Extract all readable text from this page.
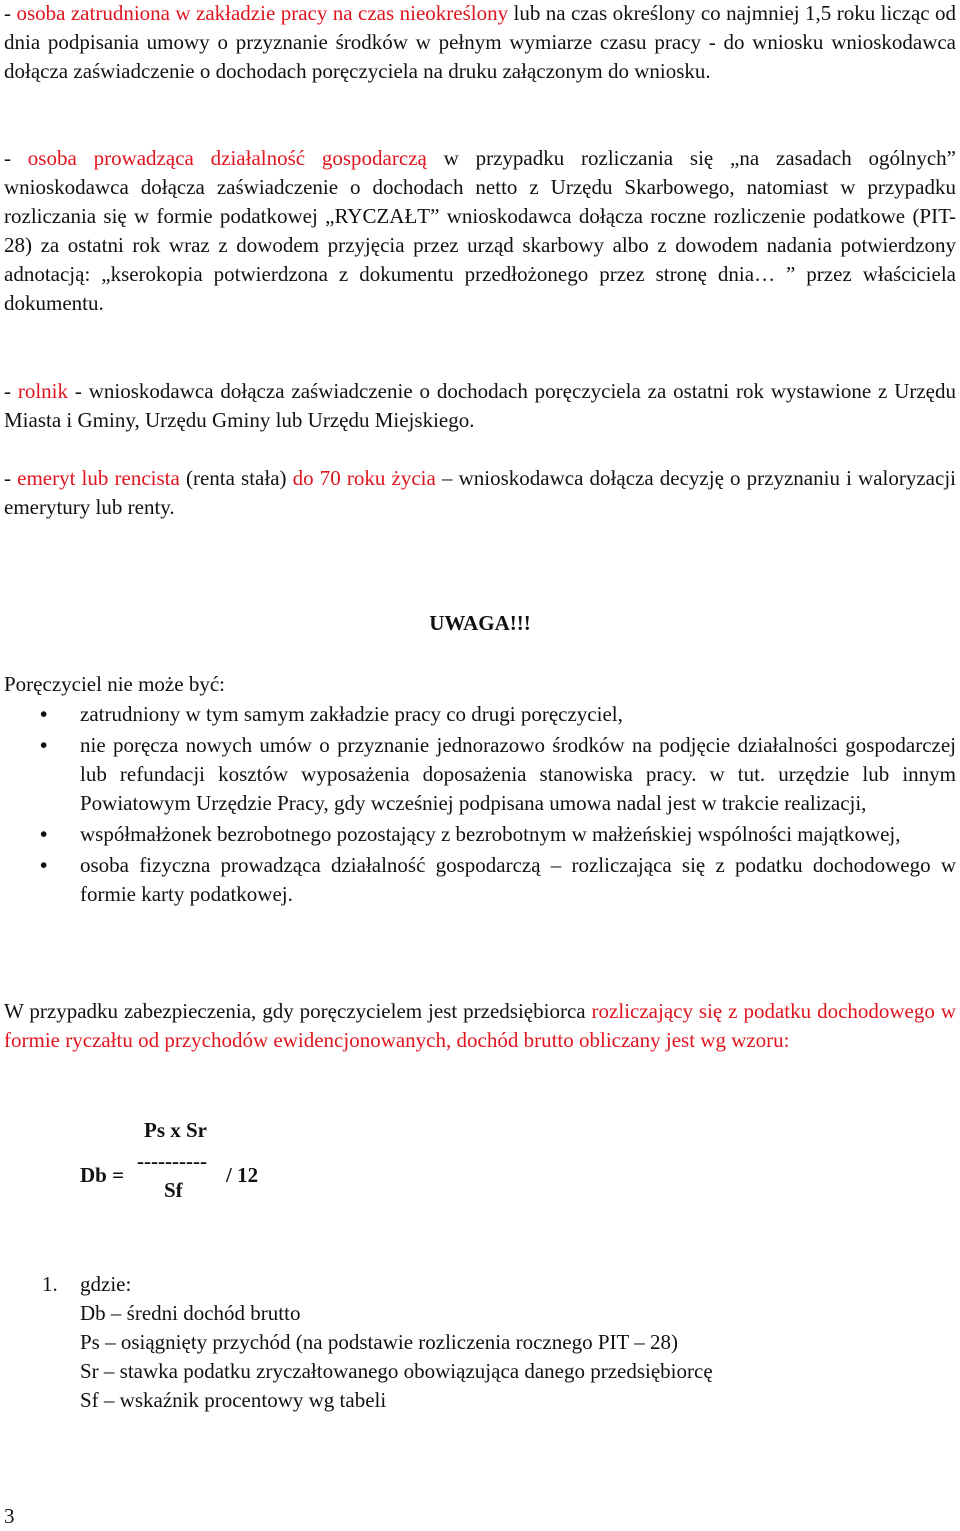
- osoba zatrudniona w zakładzie pracy na czas nieokreślony lub na czas określony co najmniej 1,5 roku licząc od dnia podpisania umowy o przyznanie środków w pełnym wymiarze czasu pracy - do wniosku wnioskodawca dołącza zaświadczenie o dochodach poręczyciela na druku załączonym do wniosku.

- osoba prowadząca działalność gospodarczą w przypadku rozliczania się „na zasadach ogólnych” wnioskodawca dołącza zaświadczenie o dochodach netto z Urzędu Skarbowego, natomiast w przypadku rozliczania się w formie podatkowej „RYCZAŁT” wnioskodawca dołącza roczne rozliczenie podatkowe (PIT-28) za ostatni rok wraz z dowodem przyjęcia przez urząd skarbowy albo z dowodem nadania potwierdzony adnotacją: „kserokopia potwierdzona z dokumentu przedłożonego przez stronę dnia… ” przez właściciela dokumentu.

- rolnik - wnioskodawca dołącza zaświadczenie o dochodach poręczyciela za ostatni rok wystawione z Urzędu Miasta i Gminy, Urzędu Gminy lub Urzędu Miejskiego.

- emeryt lub rencista (renta stała) do 70 roku życia – wnioskodawca dołącza decyzję o przyznaniu i waloryzacji emerytury lub renty.

UWAGA!!!
Poręczyciel nie może być:
• zatrudniony w tym samym zakładzie pracy co drugi poręczyciel,
• nie poręcza nowych umów o przyznanie jednorazowo środków na podjęcie działalności gospodarczej lub refundacji kosztów wyposażenia doposażenia stanowiska pracy. w tut. urzędzie lub innym Powiatowym Urzędzie Pracy, gdy wcześniej podpisana umowa nadal jest w trakcie realizacji,
• współmałżonek bezrobotnego pozostający z bezrobotnym w małżeńskiej wspólności majątkowej,
• osoba fizyczna prowadząca działalność gospodarczą – rozliczająca się z podatku dochodowego w formie karty podatkowej.

W przypadku zabezpieczenia, gdy poręczycielem jest przedsiębiorca rozliczający się z podatku dochodowego w formie ryczałtu od przychodów ewidencjonowanych, dochód brutto obliczany jest wg wzoru:

Ps x Sr
----------
Db =
Sf
/ 12
1.	gdzie:
Db – średni dochód brutto
Ps – osiągnięty przychód (na podstawie rozliczenia rocznego PIT – 28)
Sr – stawka podatku zryczałtowanego obowiązująca danego przedsiębiorcę
Sf – wskaźnik procentowy wg tabeli
3
